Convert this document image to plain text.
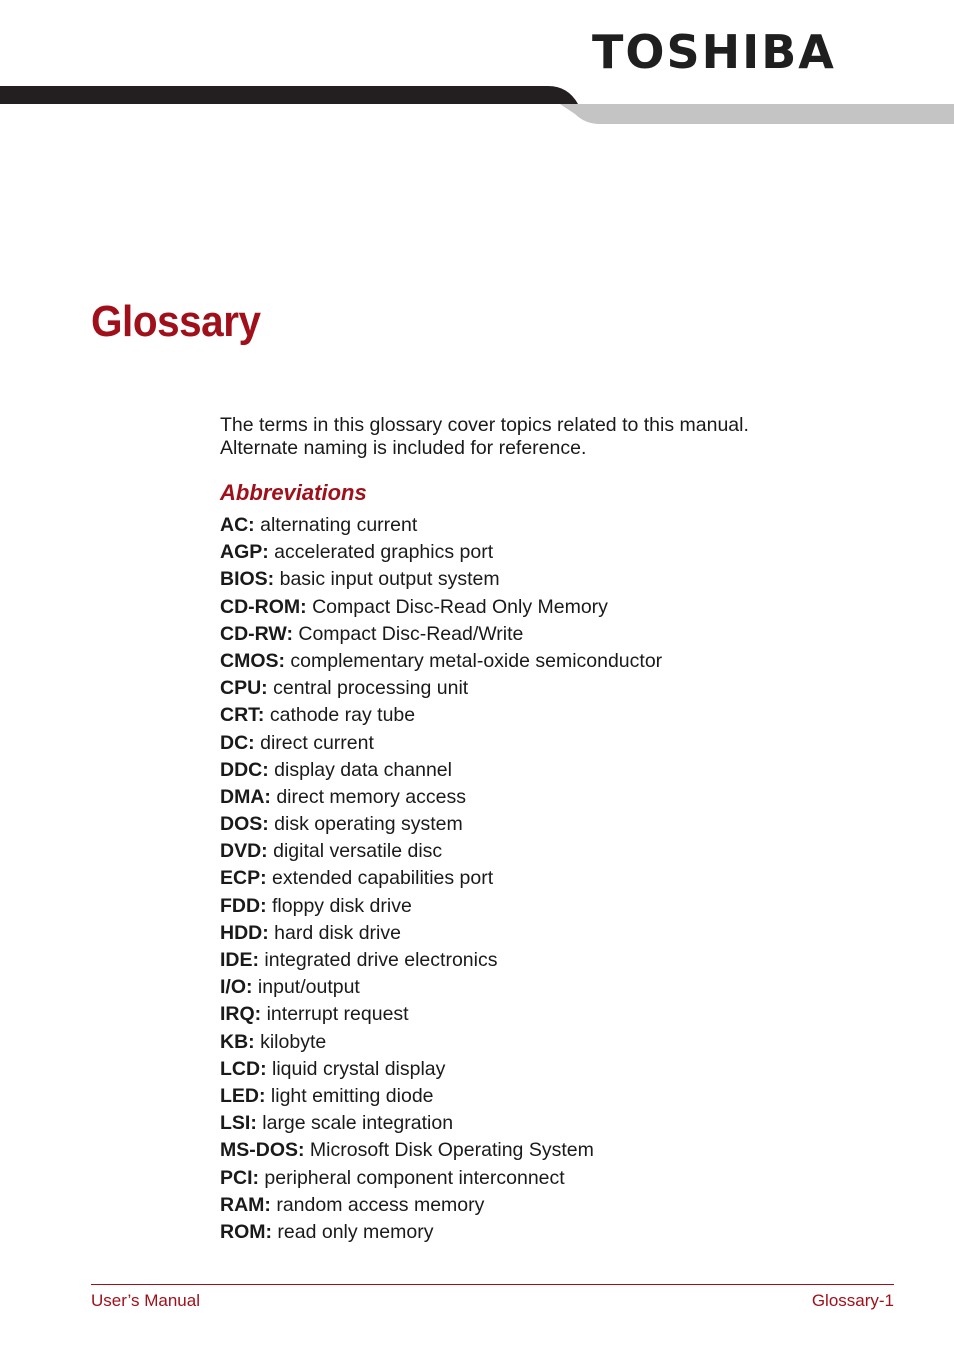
TOSHIBA
Glossary

The terms in this glossary cover topics related to this manual.

Alternate naming is included for reference.

Abbreviations
AC: alternating current
AGP: accelerated graphics port
BIOS: basic input output system
CD-ROM: Compact Disc-Read Only Memory
CD-RW: Compact Disc-Read/Write
CMOS: complementary metal-oxide semiconductor
CPU: central processing unit
CRT: cathode ray tube
DC: direct current
DDC: display data channel
DMA: direct memory access
DOS: disk operating system
DVD: digital versatile disc
ECP: extended capabilities port
FDD: floppy disk drive
HDD: hard disk drive
IDE: integrated drive electronics
I/O: input/output
IRQ: interrupt request
KB: kilobyte
LCD: liquid crystal display
LED: light emitting diode
LSI: large scale integration
MS-DOS: Microsoft Disk Operating System
PCI: peripheral component interconnect
RAM: random access memory
ROM: read only memory
User’s Manual	Glossary-1
